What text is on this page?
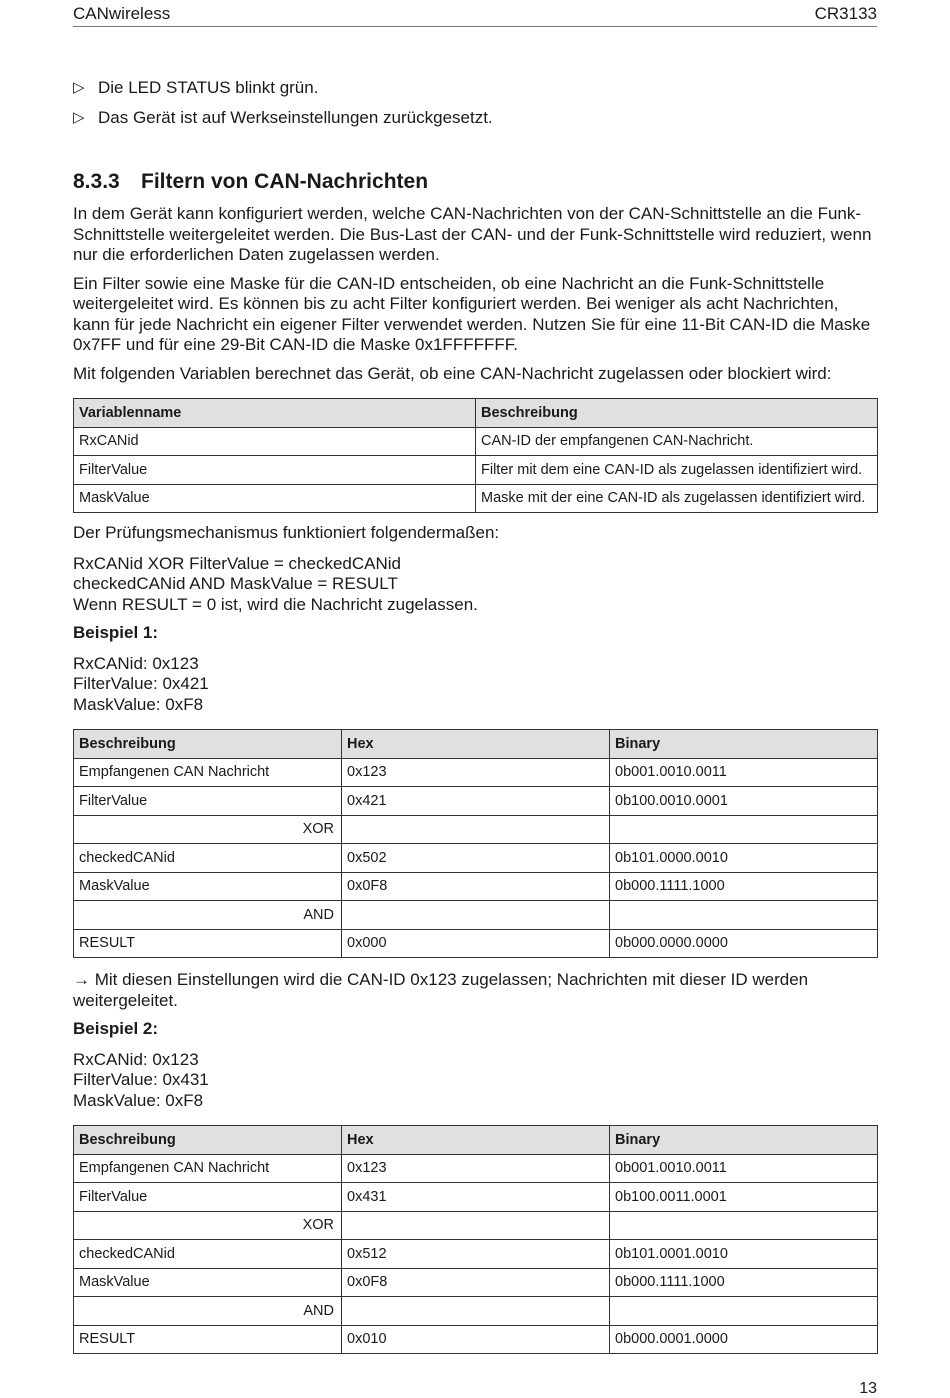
CANwireless	CR3133
▷ Die LED STATUS blinkt grün.
▷ Das Gerät ist auf Werkseinstellungen zurückgesetzt.
8.3.3 Filtern von CAN-Nachrichten

In dem Gerät kann konfiguriert werden, welche CAN-Nachrichten von der CAN-Schnittstelle an die Funk-Schnittstelle weitergeleitet werden. Die Bus-Last der CAN- und der Funk-Schnittstelle wird reduziert, wenn nur die erforderlichen Daten zugelassen werden.

Ein Filter sowie eine Maske für die CAN-ID entscheiden, ob eine Nachricht an die Funk-Schnittstelle weitergeleitet wird. Es können bis zu acht Filter konfiguriert werden. Bei weniger als acht Nachrichten, kann für jede Nachricht ein eigener Filter verwendet werden. Nutzen Sie für eine 11-Bit CAN-ID die Maske 0x7FF und für eine 29-Bit CAN-ID die Maske 0x1FFFFFFF.

Mit folgenden Variablen berechnet das Gerät, ob eine CAN-Nachricht zugelassen oder blockiert wird:

Variablenname	Beschreibung
RxCANid	CAN-ID der empfangenen CAN-Nachricht.
FilterValue	Filter mit dem eine CAN-ID als zugelassen identifiziert wird.
MaskValue	Maske mit der eine CAN-ID als zugelassen identifiziert wird.

Der Prüfungsmechanismus funktioniert folgendermaßen:

RxCANid XOR FilterValue = checkedCANid
checkedCANid AND MaskValue = RESULT
Wenn RESULT = 0 ist, wird die Nachricht zugelassen.

Beispiel 1:

RxCANid: 0x123
FilterValue: 0x421
MaskValue: 0xF8

Beschreibung	Hex	Binary
Empfangenen CAN Nachricht	0x123	0b001.0010.0011
FilterValue	0x421	0b100.0010.0001
XOR		
checkedCANid	0x502	0b101.0000.0010
MaskValue	0x0F8	0b000.1111.1000
AND		
RESULT	0x000	0b000.0000.0000

→ Mit diesen Einstellungen wird die CAN-ID 0x123 zugelassen; Nachrichten mit dieser ID werden weitergeleitet.

Beispiel 2:

RxCANid: 0x123
FilterValue: 0x431
MaskValue: 0xF8

Beschreibung	Hex	Binary
Empfangenen CAN Nachricht	0x123	0b001.0010.0011
FilterValue	0x431	0b100.0011.0001
XOR		
checkedCANid	0x512	0b101.0001.0010
MaskValue	0x0F8	0b000.1111.1000
AND		
RESULT	0x010	0b000.0001.0000
13
